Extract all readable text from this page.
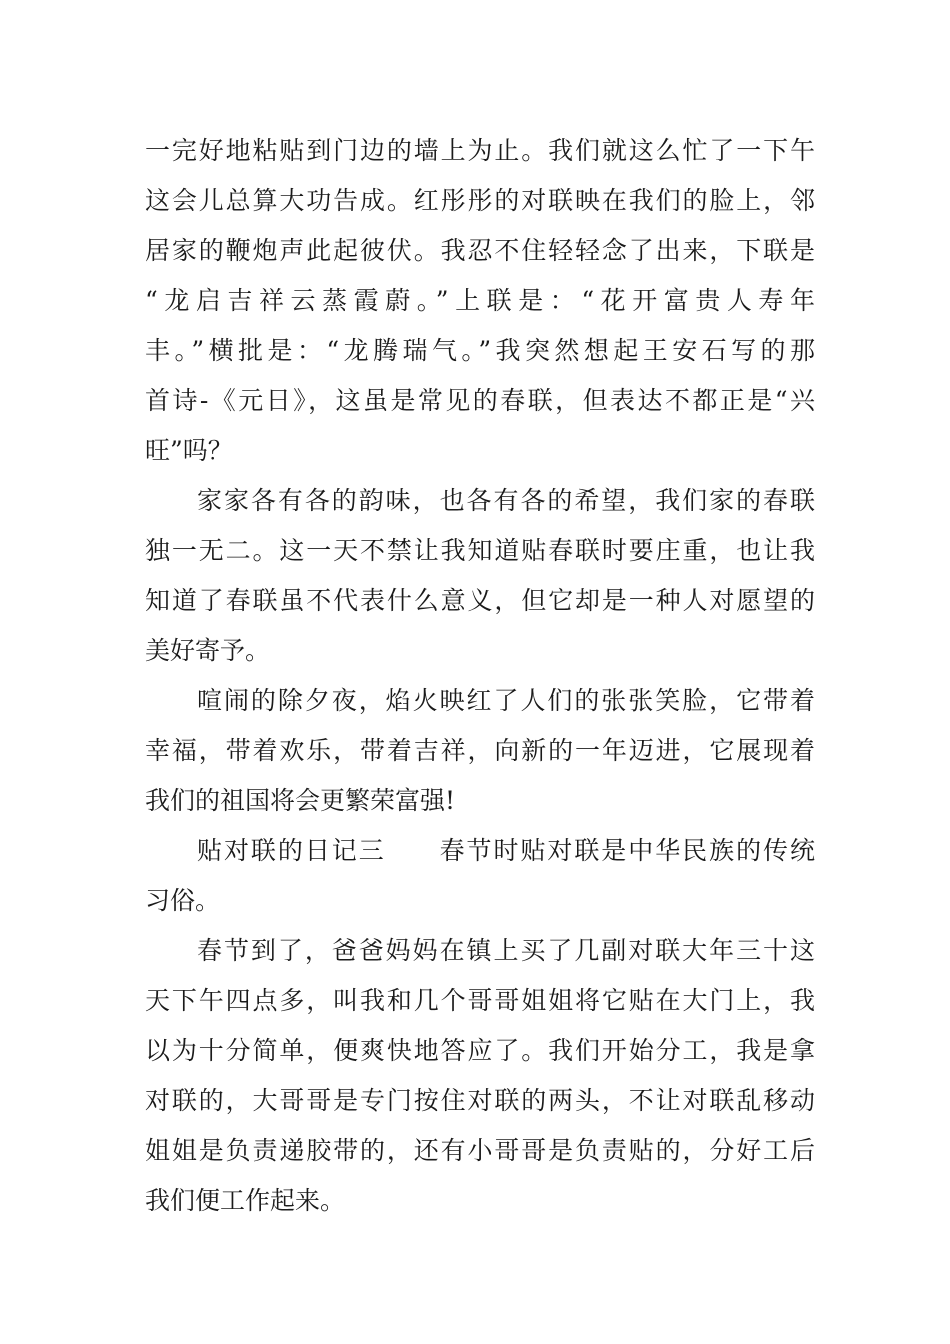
一完好地粘贴到门边的墙上为止。我们就这么忙了一下午
这会儿总算大功告成。红彤彤的对联映在我们的脸上，邻
居家的鞭炮声此起彼伏。我忍不住轻轻念了出来，下联是
“龙启吉祥云蒸霞蔚。”上联是：“花开富贵人寿年
丰。”横批是：“龙腾瑞气。”我突然想起王安石写的那
首诗-《元日》，这虽是常见的春联，但表达不都正是“兴
旺”吗？
家家各有各的韵味，也各有各的希望，我们家的春联
独一无二。这一天不禁让我知道贴春联时要庄重，也让我
知道了春联虽不代表什么意义，但它却是一种人对愿望的
美好寄予。
喧闹的除夕夜，焰火映红了人们的张张笑脸，它带着
幸福，带着欢乐，带着吉祥，向新的一年迈进，它展现着
我们的祖国将会更繁荣富强!
贴对联的日记三　　春节时贴对联是中华民族的传统
习俗。
春节到了，爸爸妈妈在镇上买了几副对联大年三十这
天下午四点多，叫我和几个哥哥姐姐将它贴在大门上，我
以为十分简单，便爽快地答应了。我们开始分工，我是拿
对联的，大哥哥是专门按住对联的两头，不让对联乱移动
姐姐是负责递胶带的，还有小哥哥是负责贴的，分好工后
我们便工作起来。
